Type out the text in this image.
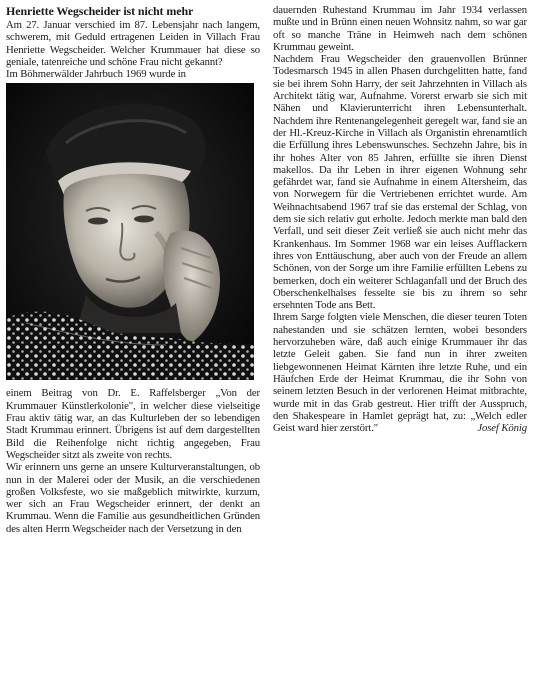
Henriette Wegscheider ist nicht mehr

Am 27. Januar verschied im 87. Lebensjahr nach langem, schwerem, mit Geduld ertragenen Leiden in Villach Frau Henriette Wegscheider. Welcher Krummauer hat diese so geniale, tatenreiche und schöne Frau nicht gekannt?

Im Böhmerwälder Jahrbuch 1969 wurde in

einem Beitrag von Dr. E. Raffelsberger „Von der Krummauer Künstlerkolonie", in welcher diese vielseitige Frau aktiv tätig war, an das Kulturleben der so lebendigen Stadt Krummau erinnert. Übrigens ist auf dem dargestellten Bild die Reihenfolge nicht richtig angegeben, Frau Wegscheider sitzt als zweite von rechts.

Wir erinnern uns gerne an unsere Kulturveranstaltungen, ob nun in der Malerei oder der Musik, an die verschiedenen großen Volksfeste, wo sie maßgeblich mitwirkte, kurzum, wer sich an Frau Wegscheider erinnert, der denkt an Krummau. Wenn die Familie aus gesundheitlichen Gründen des alten Herrn Wegscheider nach der Versetzung in den

dauernden Ruhestand Krummau im Jahr 1934 verlassen mußte und in Brünn einen neuen Wohnsitz nahm, so war gar oft so manche Träne in Heimweh nach dem schönen Krummau geweint.

Nachdem Frau Wegscheider den grauenvollen Brünner Todesmarsch 1945 in allen Phasen durchgelitten hatte, fand sie bei ihrem Sohn Harry, der seit Jahrzehnten in Villach als Architekt tätig war, Aufnahme. Vorerst erwarb sie sich mit Nähen und Klavierunterricht ihren Lebensunterhalt. Nachdem ihre Rentenangelegenheit geregelt war, fand sie an der Hl.-Kreuz-Kirche in Villach als Organistin ehrenamtlich die Erfüllung ihres Lebenswunsches. Sechzehn Jahre, bis in ihr hohes Alter von 85 Jahren, erfüllte sie ihren Dienst makellos. Da ihr Leben in ihrer eigenen Wohnung sehr gefährdet war, fand sie Aufnahme in einem Altersheim, das von Norwegern für die Vertriebenen errichtet wurde. Am Weihnachtsabend 1967 traf sie das erstemal der Schlag, von dem sie sich relativ gut erholte. Jedoch merkte man bald den Verfall, und seit dieser Zeit verließ sie auch nicht mehr das Krankenhaus. Im Sommer 1968 war ein leises Aufflackern ihres von Enttäuschung, aber auch von der Freude an allem Schönen, von der Sorge um ihre Familie erfüllten Lebens zu bemerken, doch ein weiterer Schlaganfall und der Bruch des Oberschenkelhalses fesselte sie bis zu ihrem so sehr ersehnten Tode ans Bett.

Ihrem Sarge folgten viele Menschen, die dieser teuren Toten nahestanden und sie schätzen lernten, wobei besonders hervorzuheben wäre, daß auch einige Krummauer ihr das letzte Geleit gaben. Sie fand nun in ihrer zweiten liebgewonnenen Heimat Kärnten ihre letzte Ruhe, und ein Häufchen Erde der Heimat Krummau, die ihr Sohn von seinem letzten Besuch in der verlorenen Heimat mitbrachte, wurde mit in das Grab gestreut. Hier trifft der Ausspruch, den Shakespeare in Hamlet geprägt hat, zu: „Welch edler Geist ward hier zerstört."	Josef König
